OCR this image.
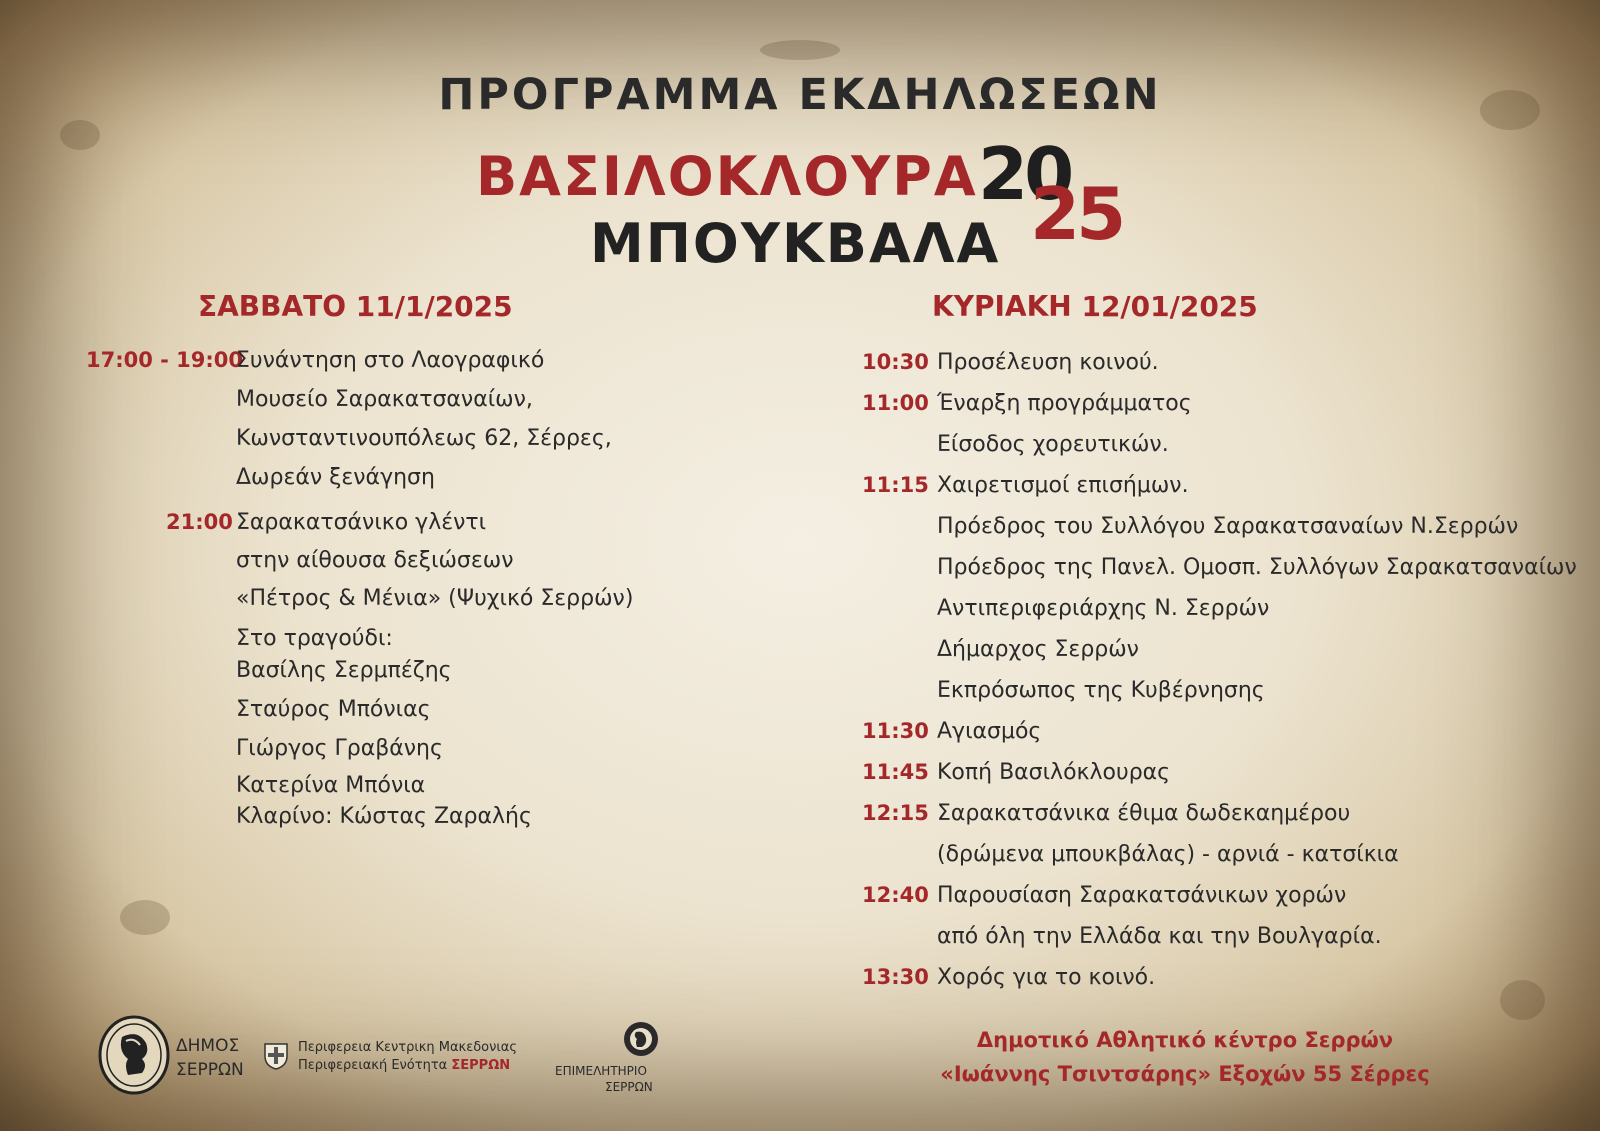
ΠΡΟΓΡΑΜΜΑ ΕΚΔΗΛΩΣΕΩΝ
ΒΑΣΙΛΟΚΛΟΥΡΑ
ΜΠΟΥΚΒΑΛΑ
20
25
ΣΑΒΒΑΤΟ 11/1/2025
17:00 - 19:00
Συνάντηση στο Λαογραφικό
Μουσείο Σαρακατσαναίων,
Κωνσταντινουπόλεως 62, Σέρρες,
Δωρεάν ξενάγηση
21:00 Σαρακατσάνικο γλέντι
στην αίθουσα δεξιώσεων
«Πέτρος & Μένια» (Ψυχικό Σερρών)
Στο τραγούδι:
Βασίλης Σερμπέζης
Σταύρος Μπόνιας
Γιώργος Γραβάνης
Κατερίνα Μπόνια
Κλαρίνο: Κώστας Ζαραλής
ΚΥΡΙΑΚΗ 12/01/2025
10:30 Προσέλευση κοινού.
11:00 Έναρξη προγράμματος
Είσοδος χορευτικών.
11:15 Χαιρετισμοί επισήμων.
Πρόεδρος του Συλλόγου Σαρακατσαναίων Ν.Σερρών
Πρόεδρος της Πανελ. Ομοσπ. Συλλόγων Σαρακατσαναίων
Αντιπεριφεριάρχης Ν. Σερρών
Δήμαρχος Σερρών
Εκπρόσωπος της Κυβέρνησης
11:30 Αγιασμός
11:45 Κοπή Βασιλόκλουρας
12:15 Σαρακατσάνικα έθιμα δωδεκαημέρου
(δρώμενα μπουκβάλας) - αρνιά - κατσίκια
12:40 Παρουσίαση Σαρακατσάνικων χορών
από όλη την Ελλάδα και την Βουλγαρία.
13:30 Χορός για το κοινό.
Δημοτικό Αθλητικό κέντρο Σερρών
«Ιωάννης Τσιντσάρης» Εξοχών 55 Σέρρες
ΔΗΜΟΣ
ΣΕΡΡΩΝ
Περιφερεια Κεντρικη Μακεδονιας
Περιφερειακή Ενότητα ΣΕΡΡΩΝ	ΕΠΙΜΕΛΗΤΗΡΙΟ
ΣΕΡΡΩΝ
